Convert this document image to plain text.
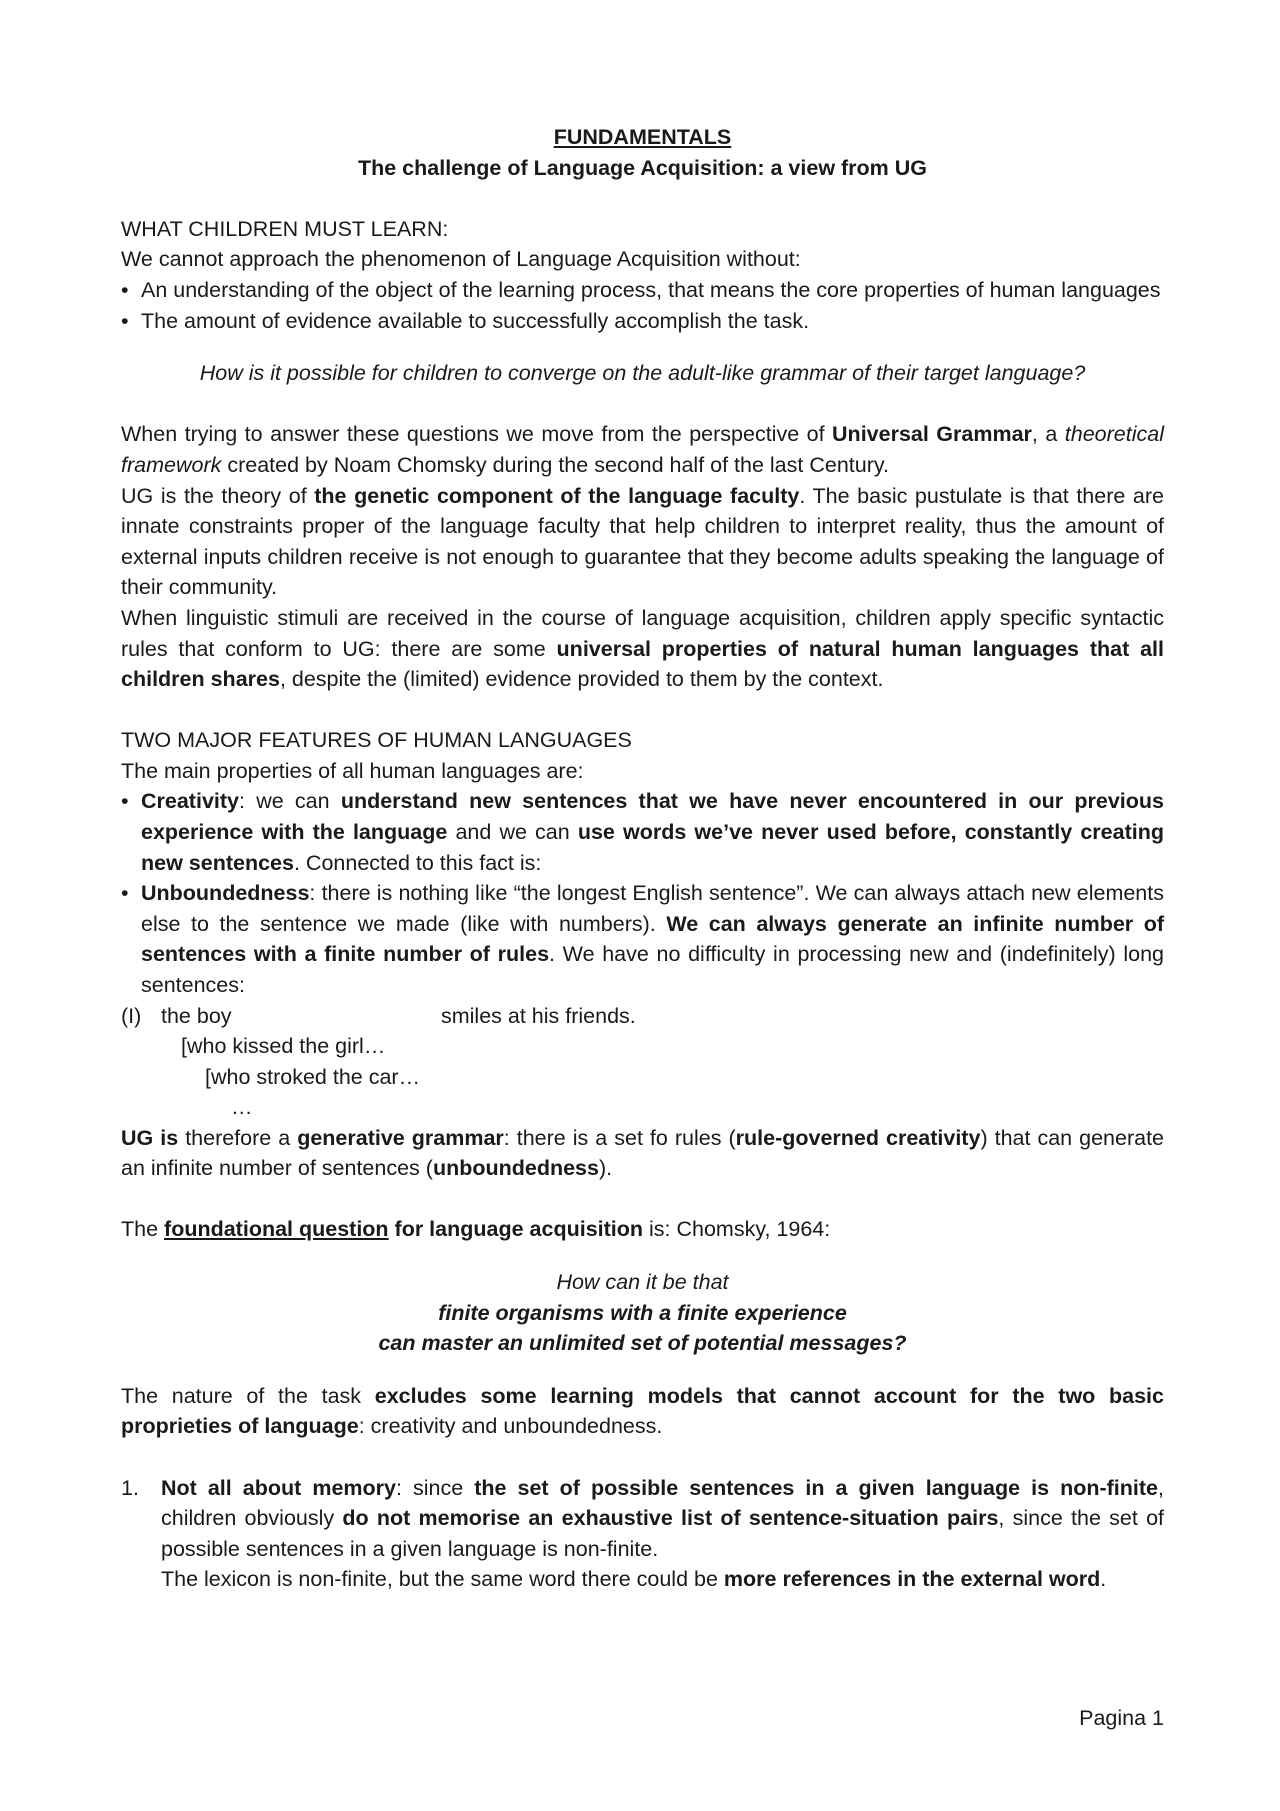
FUNDAMENTALS

The challenge of Language Acquisition: a view from UG

WHAT CHILDREN MUST LEARN:

We cannot approach the phenomenon of Language Acquisition without:

• An understanding of the object of the learning process, that means the core properties of human languages
• The amount of evidence available to successfully accomplish the task.

How is it possible for children to converge on the adult-like grammar of their target language?

When trying to answer these questions we move from the perspective of Universal Grammar, a theoretical framework created by Noam Chomsky during the second half of the last Century.

UG is the theory of the genetic component of the language faculty. The basic pustulate is that there are innate constraints proper of the language faculty that help children to interpret reality, thus the amount of external inputs children receive is not enough to guarantee that they become adults speaking the language of their community.

When linguistic stimuli are received in the course of language acquisition, children apply specific syntactic rules that conform to UG: there are some universal properties of natural human languages that all children shares, despite the (limited) evidence provided to them by the context.

TWO MAJOR FEATURES OF HUMAN LANGUAGES

The main properties of all human languages are:

• Creativity: we can understand new sentences that we have never encountered in our previous experience with the language and we can use words we’ve never used before, constantly creating new sentences. Connected to this fact is:
• Unboundedness: there is nothing like “the longest English sentence”. We can always attach new elements else to the sentence we made (like with numbers). We can always generate an infinite number of sentences with a finite number of rules. We have no difficulty in processing new and (indefinitely) long sentences:
(I) the boy	smiles at his friends.
[who kissed the girl…
[who stroked the car…
…

UG is therefore a generative grammar: there is a set fo rules (rule-governed creativity) that can generate an infinite number of sentences (unboundedness).

The foundational question for language acquisition is: Chomsky, 1964:

How can it be that

finite organisms with a finite experience

can master an unlimited set of potential messages?

The nature of the task excludes some learning models that cannot account for the two basic proprieties of language: creativity and unboundedness.

1. Not all about memory: since the set of possible sentences in a given language is non-finite, children obviously do not memorise an exhaustive list of sentence-situation pairs, since the set of possible sentences in a given language is non-finite.

The lexicon is non-finite, but the same word there could be more references in the external word.

Pagina 1
